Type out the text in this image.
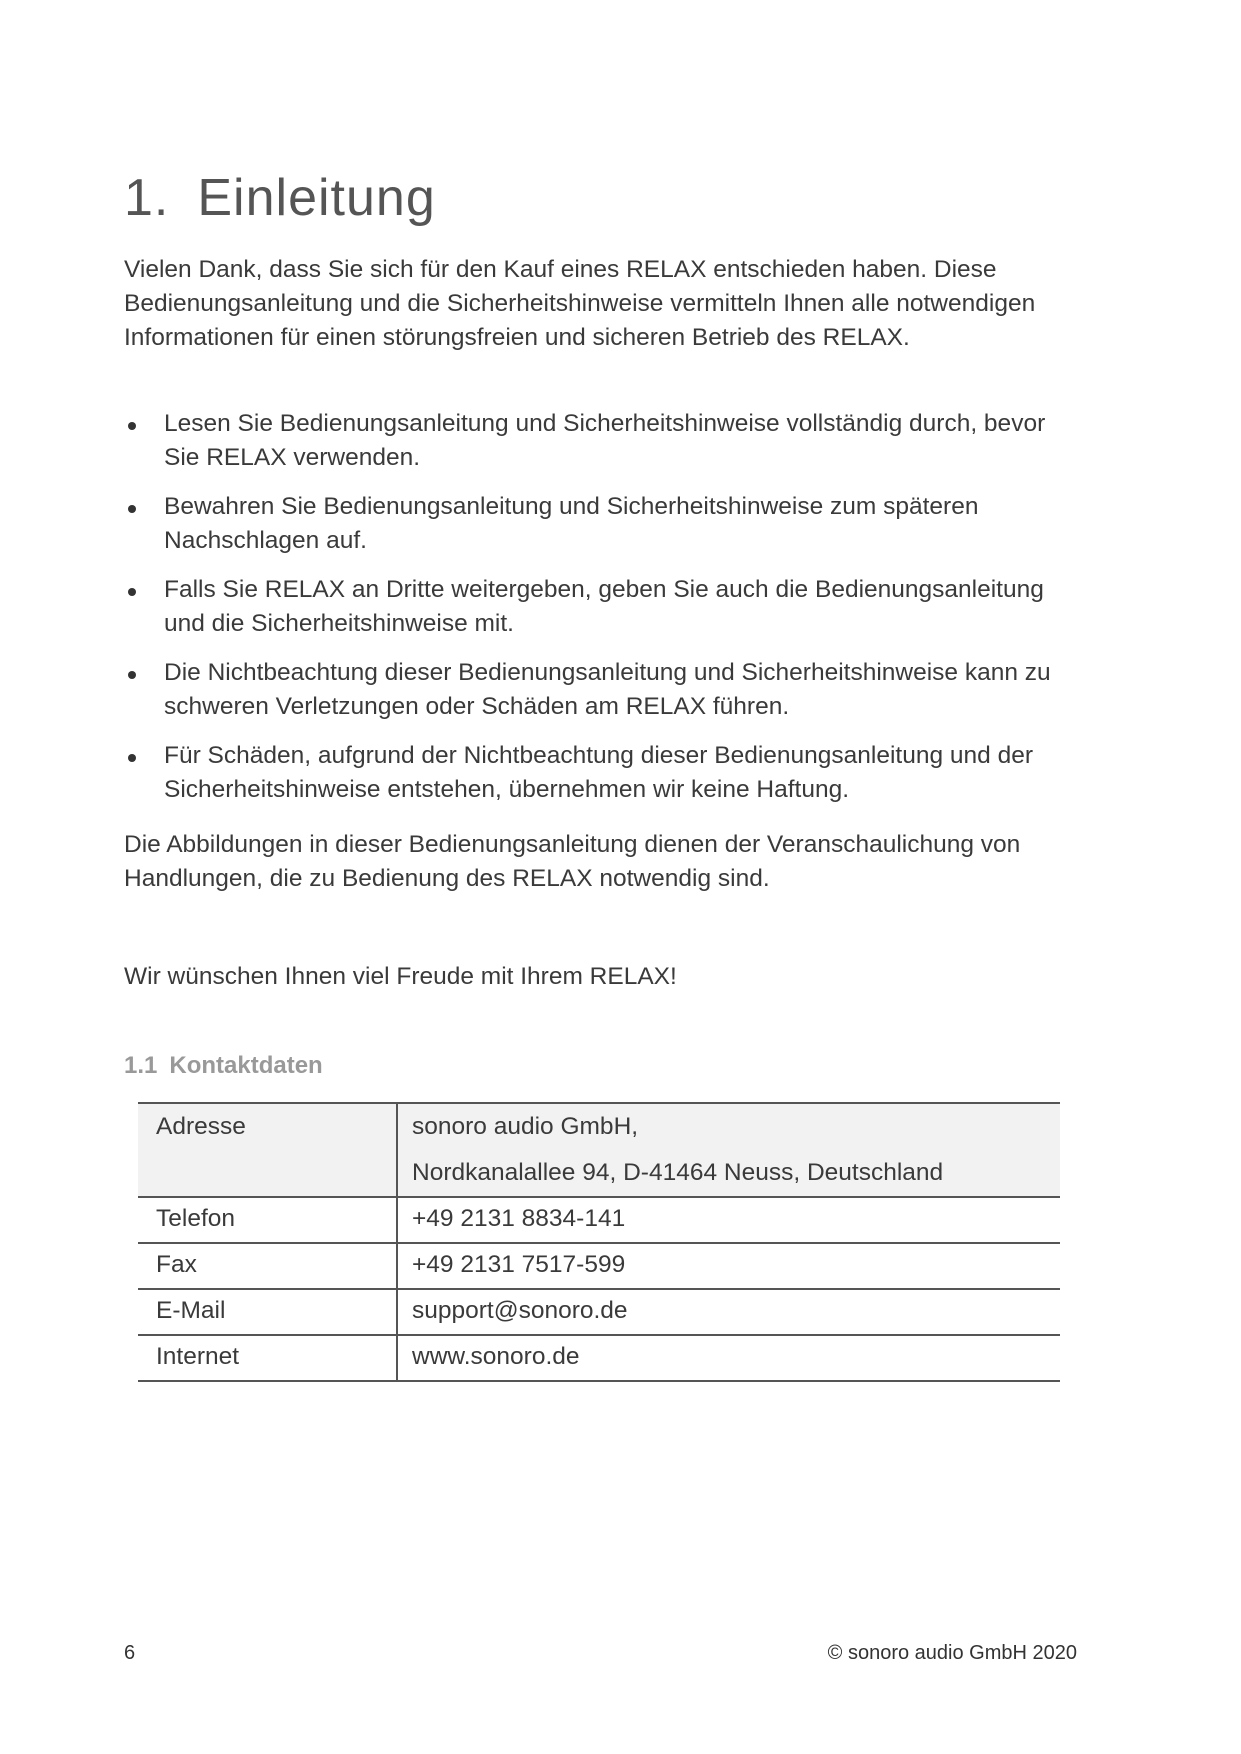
1. Einleitung

Vielen Dank, dass Sie sich für den Kauf eines RELAX entschieden haben. Diese Bedienungsanleitung und die Sicherheitshinweise vermitteln Ihnen alle notwendigen Informationen für einen störungsfreien und sicheren Betrieb des RELAX.

Lesen Sie Bedienungsanleitung und Sicherheitshinweise vollständig durch, bevor Sie RELAX verwenden.
Bewahren Sie Bedienungsanleitung und Sicherheitshinweise zum späteren Nachschlagen auf.
Falls Sie RELAX an Dritte weitergeben, geben Sie auch die Bedienungsanleitung und die Sicherheitshinweise mit.
Die Nichtbeachtung dieser Bedienungsanleitung und Sicherheitshinweise kann zu schweren Verletzungen oder Schäden am RELAX führen.
Für Schäden, aufgrund der Nichtbeachtung dieser Bedienungsanleitung und der Sicherheitshinweise entstehen, übernehmen wir keine Haftung.

Die Abbildungen in dieser Bedienungsanleitung dienen der Veranschaulichung von Handlungen, die zu Bedienung des RELAX notwendig sind.

Wir wünschen Ihnen viel Freude mit Ihrem RELAX!

1.1 Kontaktdaten
Adresse	sonoro audio GmbH,
Nordkanalallee 94, D-41464 Neuss, Deutschland

Telefon	+49 2131 8834-141
Fax	+49 2131 7517-599
E-Mail	support@sonoro.de
Internet	www.sonoro.de
6	© sonoro audio GmbH 2020
